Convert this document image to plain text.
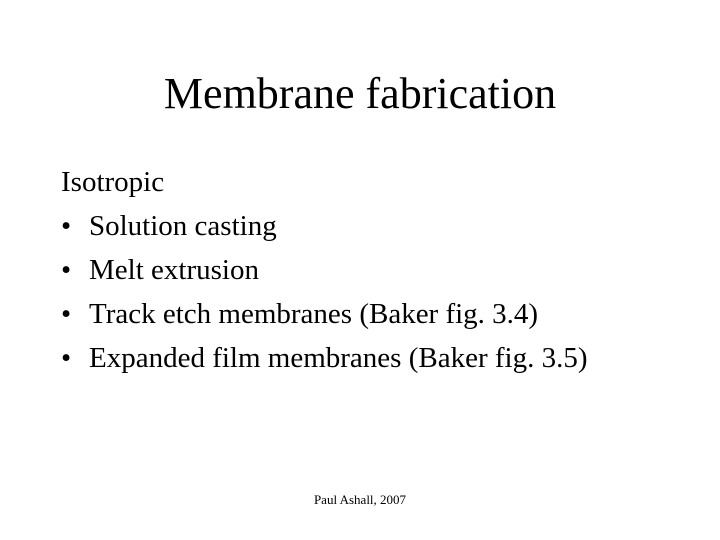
Membrane fabrication
Isotropic
• Solution casting
• Melt extrusion
• Track etch membranes (Baker fig. 3.4)
• Expanded film membranes (Baker fig. 3.5)
Paul Ashall, 2007
